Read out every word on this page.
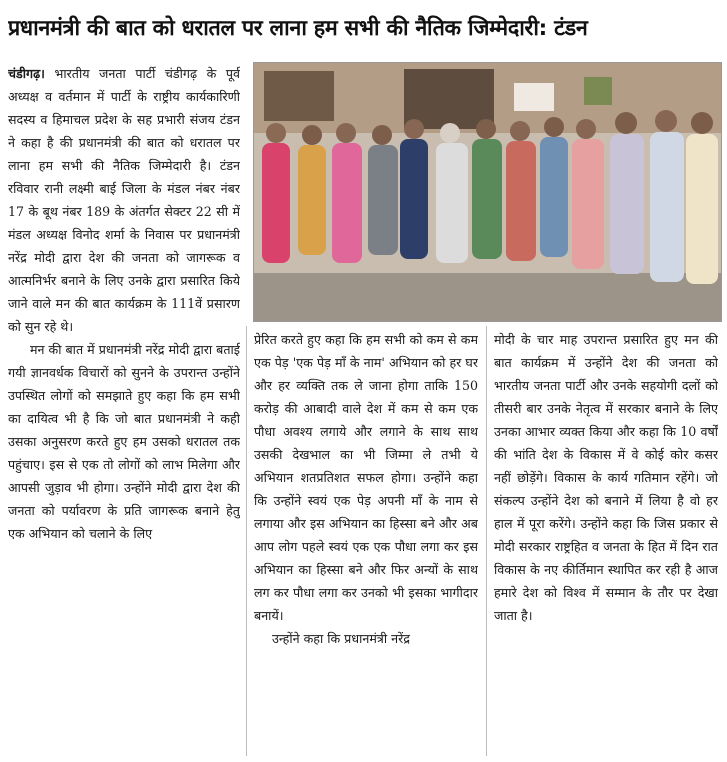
प्रधानमंत्री की बात को धरातल पर लाना हम सभी की नैतिक जिम्मेदारी: टंडन

चंडीगढ़। भारतीय जनता पार्टी चंडीगढ़ के पूर्व अध्यक्ष व वर्तमान में पार्टी के राष्ट्रीय कार्यकारिणी सदस्य व हिमाचल प्रदेश के सह प्रभारी संजय टंडन ने कहा है की प्रधानमंत्री की बात को धरातल पर लाना हम सभी की नैतिक जिम्मेदारी है। टंडन रविवार रानी लक्ष्मी बाई जिला के मंडल नंबर नंबर 17 के बूथ नंबर 189 के अंतर्गत सेक्टर 22 सी में मंडल अध्यक्ष विनोद शर्मा के निवास पर प्रधानमंत्री नरेंद्र मोदी द्वारा देश की जनता को जागरूक व आत्मनिर्भर बनाने के लिए उनके द्वारा प्रसारित किये जाने वाले मन की बात कार्यक्रम के 111वें प्रसारण को सुन रहे थे।

मन की बात में प्रधानमंत्री नरेंद्र मोदी द्वारा बताई गयी ज्ञानवर्धक विचारों को सुनने के उपरान्त उन्होंने उपस्थित लोगों को समझाते हुए कहा कि हम सभी का दायित्व भी है कि जो बात प्रधानमंत्री ने कही उसका अनुसरण करते हुए हम उसको धरातल तक पहुंचाए। इस से एक तो लोगों को लाभ मिलेगा और आपसी जुड़ाव भी होगा। उन्होंने मोदी द्वारा देश की जनता को पर्यावरण के प्रति जागरूक बनाने हेतु एक अभियान को चलाने के लिए

प्रेरित करते हुए कहा कि हम सभी को कम से कम एक पेड़ 'एक पेड़ माँ के नाम' अभियान को हर घर और हर व्यक्ति तक ले जाना होगा ताकि 150 करोड़ की आबादी वाले देश में कम से कम एक पौधा अवश्य लगाये और लगाने के साथ साथ उसकी देखभाल का भी जिम्मा ले तभी ये अभियान शतप्रतिशत सफल होगा। उन्होंने कहा कि उन्होंने स्वयं एक पेड़ अपनी माँ के नाम से लगाया और इस अभियान का हिस्सा बने और अब आप लोग पहले स्वयं एक एक पौधा लगा कर इस अभियान का हिस्सा बने और फिर अन्यों के साथ लग कर पौधा लगा कर उनको भी इसका भागीदार बनायें।

उन्होंने कहा कि प्रधानमंत्री नरेंद्र

मोदी के चार माह उपरान्त प्रसारित हुए मन की बात कार्यक्रम में उन्होंने देश की जनता को भारतीय जनता पार्टी और उनके सहयोगी दलों को तीसरी बार उनके नेतृत्व में सरकार बनाने के लिए उनका आभार व्यक्त किया और कहा कि 10 वर्षों की भांति देश के विकास में वे कोई कोर कसर नहीं छोड़ेंगे। विकास के कार्य गतिमान रहेंगे। जो संकल्प उन्होंने देश को बनाने में लिया है वो हर हाल में पूरा करेंगे। उन्होंने कहा कि जिस प्रकार से मोदी सरकार राष्ट्रहित व जनता के हित में दिन रात विकास के नए कीर्तिमान स्थापित कर रही है आज हमारे देश को विश्व में सम्मान के तौर पर देखा जाता है।
